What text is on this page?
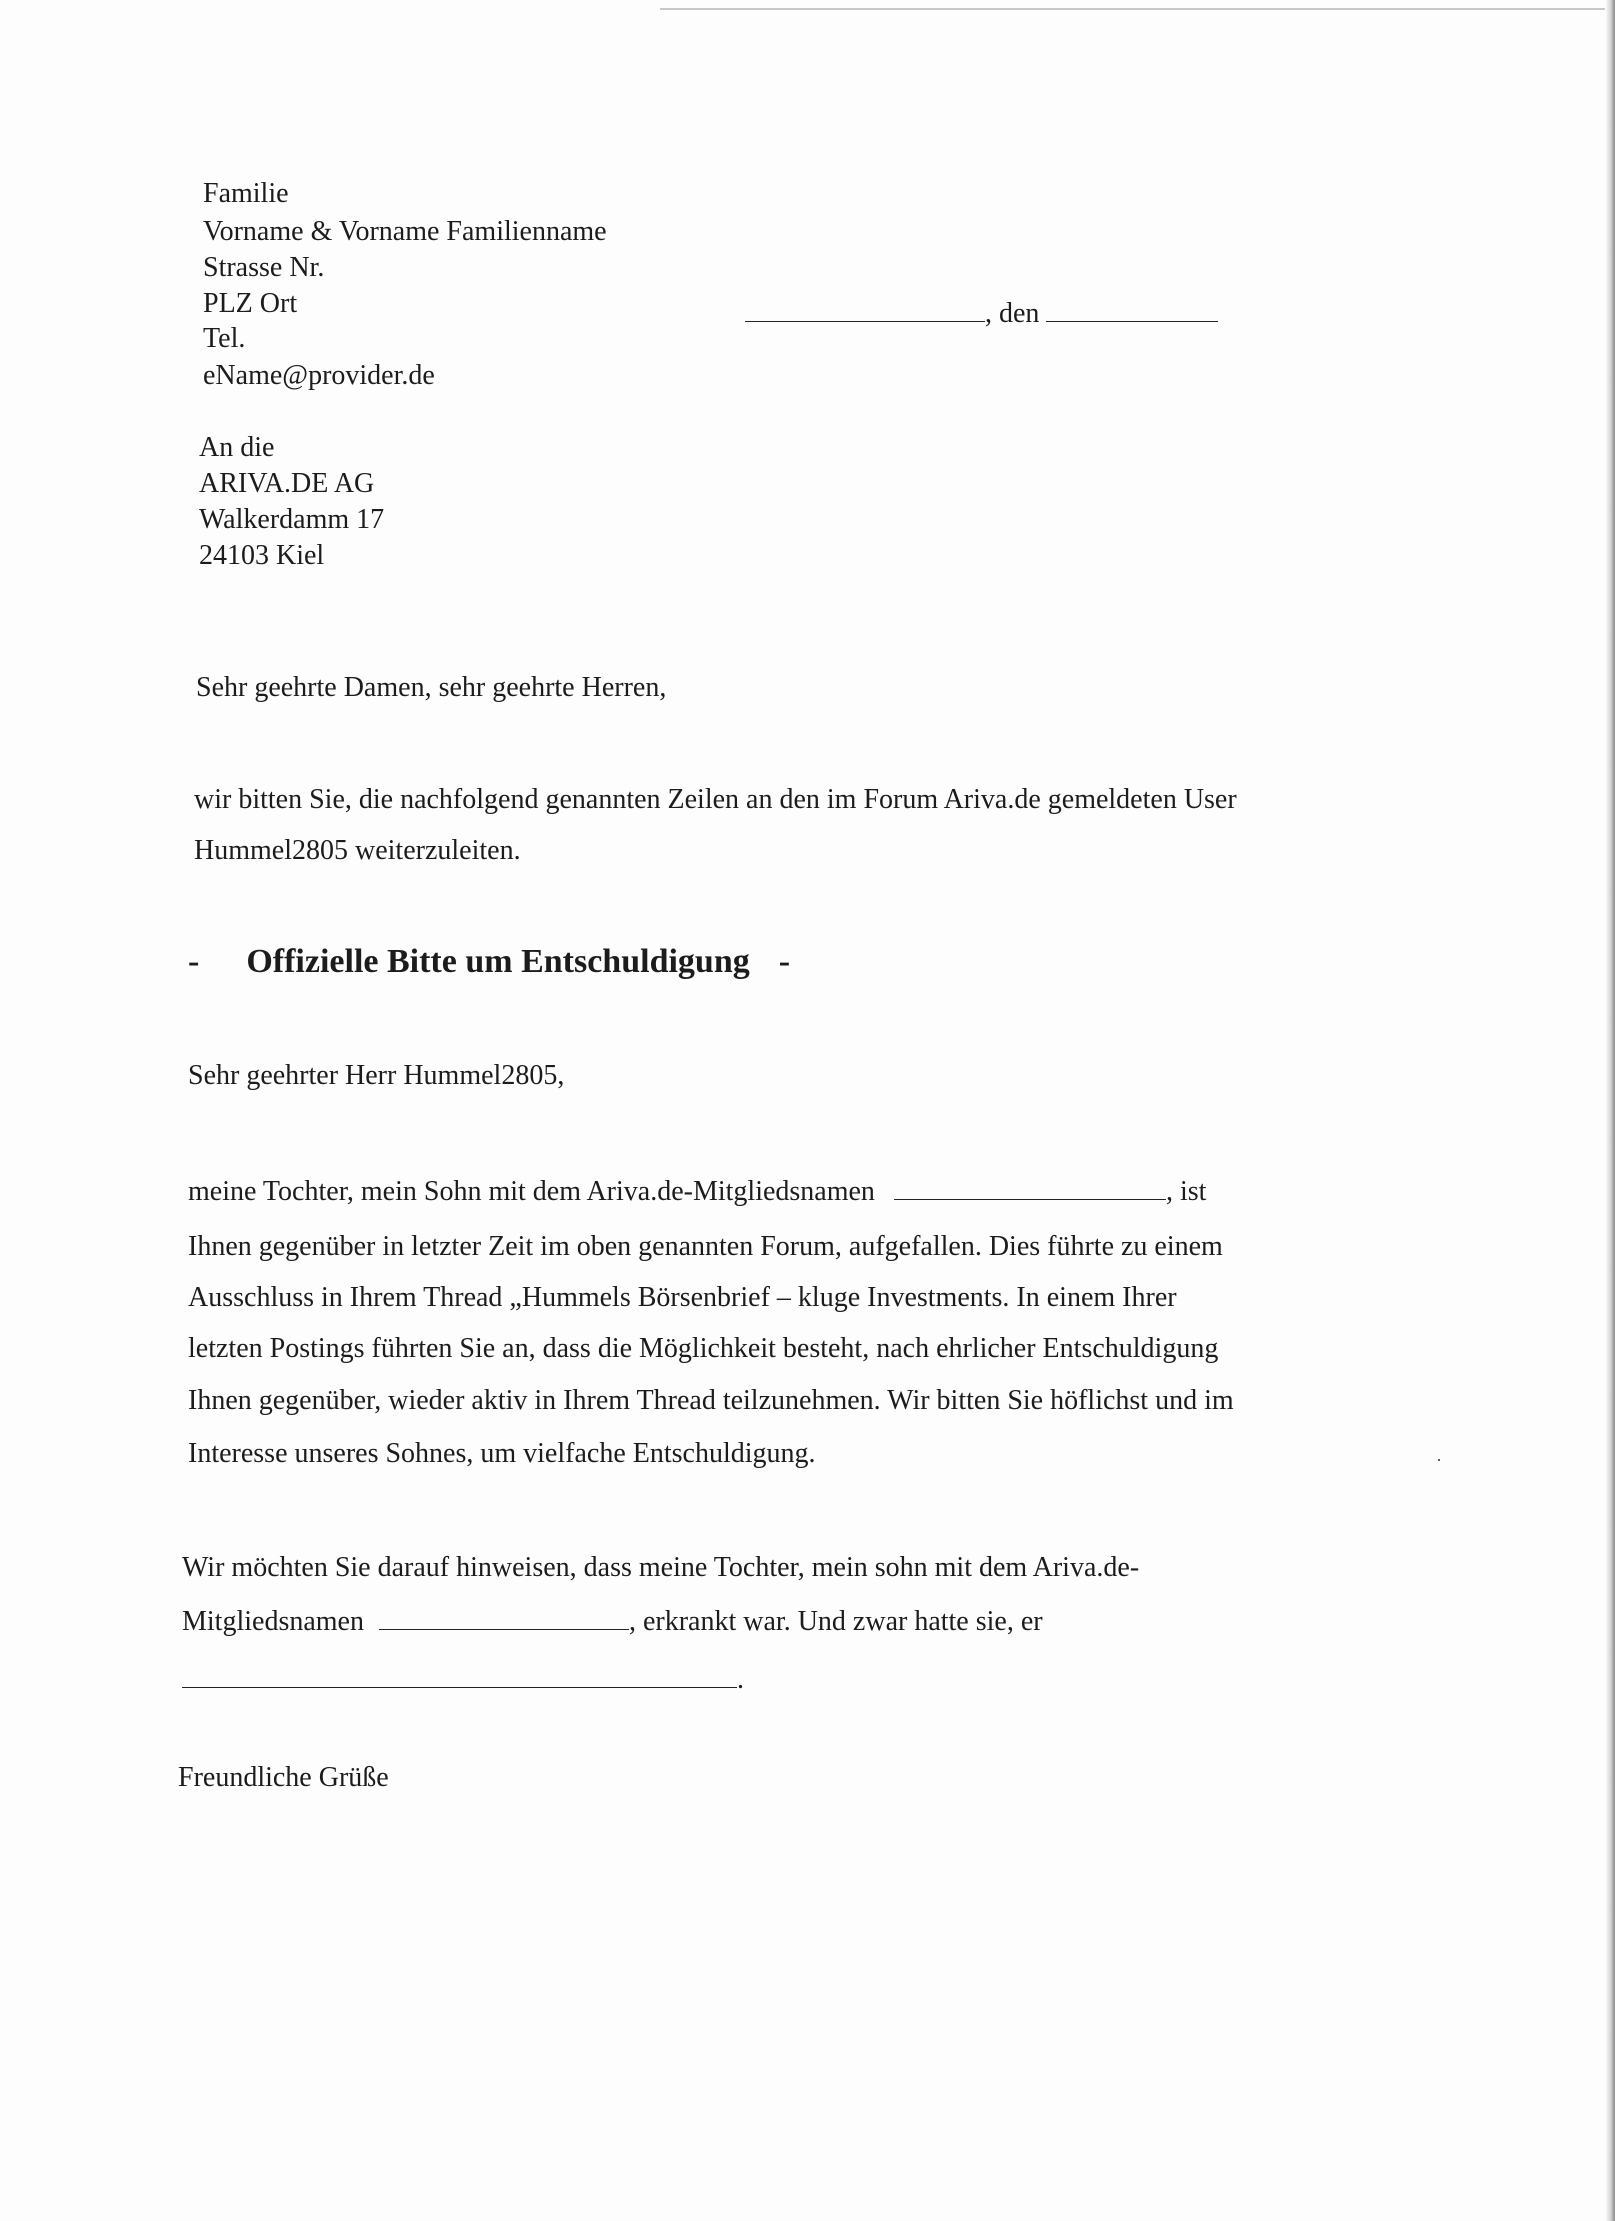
·
Familie
Vorname & Vorname Familienname
Strasse Nr.
PLZ Ort
Tel.
eName@provider.de
, den
An die
ARIVA.DE AG
Walkerdamm 17
24103 Kiel
Sehr geehrte Damen, sehr geehrte Herren,
wir bitten Sie, die nachfolgend genannten Zeilen an den im Forum Ariva.de gemeldeten User
Hummel2805 weiterzuleiten.
- Offizielle Bitte um Entschuldigung -
Sehr geehrter Herr Hummel2805,
meine Tochter, mein Sohn mit dem Ariva.de-Mitgliedsnamen	, ist
Ihnen gegenüber in letzter Zeit im oben genannten Forum, aufgefallen. Dies führte zu einem
Ausschluss in Ihrem Thread „Hummels Börsenbrief – kluge Investments. In einem Ihrer
letzten Postings führten Sie an, dass die Möglichkeit besteht, nach ehrlicher Entschuldigung
Ihnen gegenüber, wieder aktiv in Ihrem Thread teilzunehmen. Wir bitten Sie höflichst und im
Interesse unseres Sohnes, um vielfache Entschuldigung.
Wir möchten Sie darauf hinweisen, dass meine Tochter, mein sohn mit dem Ariva.de-
Mitgliedsnamen	, erkrankt war. Und zwar hatte sie, er
.
Freundliche Grüße
